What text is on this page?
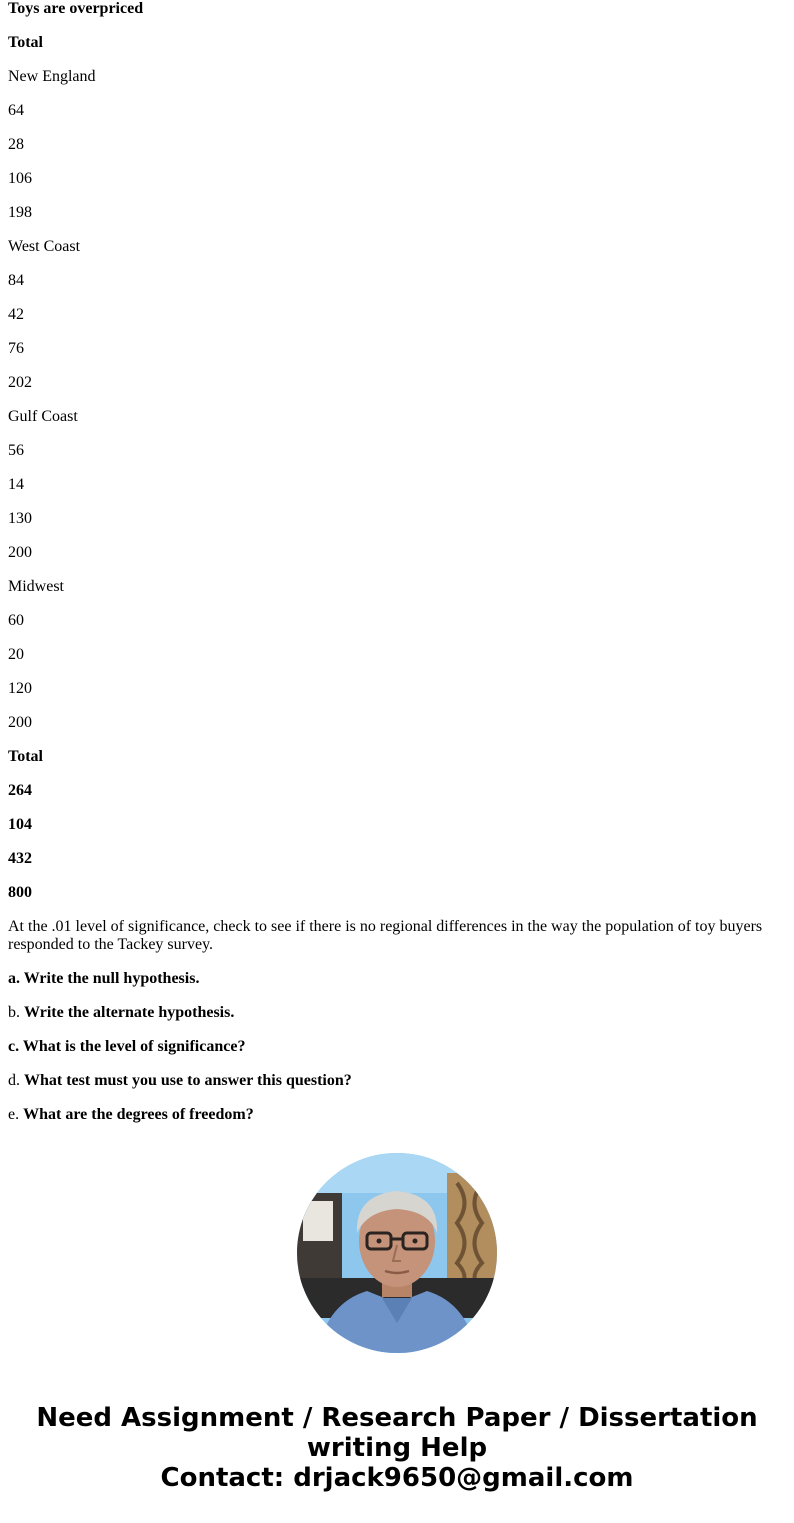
Toys are overpriced

Total

New England

64

28

106

198

West Coast

84

42

76

202

Gulf Coast

56

14

130

200

Midwest

60

20

120

200

Total

264

104

432

800

At the .01 level of significance, check to see if there is no regional differences in the way the population of toy buyers responded to the Tackey survey.

a. Write the null hypothesis.

b. Write the alternate hypothesis.

c. What is the level of significance?

d. What test must you use to answer this question?

e. What are the degrees of freedom?

Need Assignment / Research Paper / Dissertation
writing Help
Contact: drjack9650@gmail.com
